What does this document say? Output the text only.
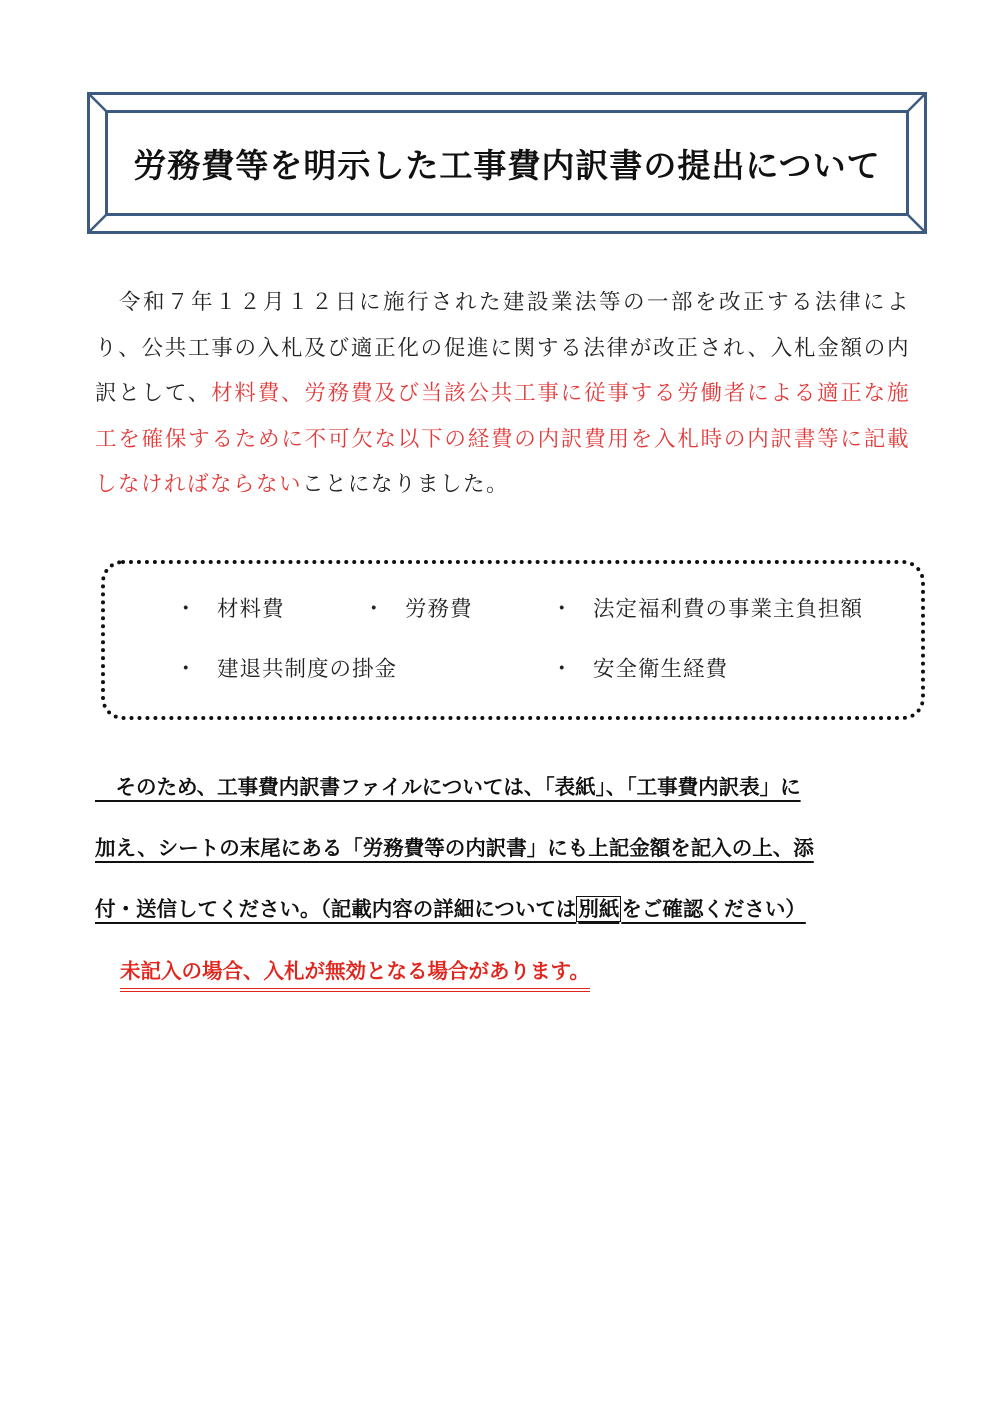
労務費等を明示した工事費内訳書の提出について
　令和７年１２月１２日に施行された建設業法等の一部を改正する法律により、公共工事の入札及び適正化の促進に関する法律が改正され、入札金額の内訳として、材料費、労務費及び当該公共工事に従事する労働者による適正な施工を確保するために不可欠な以下の経費の内訳費用を入札時の内訳書等に記載しなければならないことになりました。
・ 材料費	・ 労務費	・ 法定福利費の事業主負担額
・ 建退共制度の掛金	・ 安全衛生経費
　そのため、工事費内訳書ファイルについては、「表紙」、「工事費内訳表」に
加え、シートの末尾にある「労務費等の内訳書」にも上記金額を記入の上、添
付・送信してください。（記載内容の詳細については別紙をご確認ください）
未記入の場合、入札が無効となる場合があります。
